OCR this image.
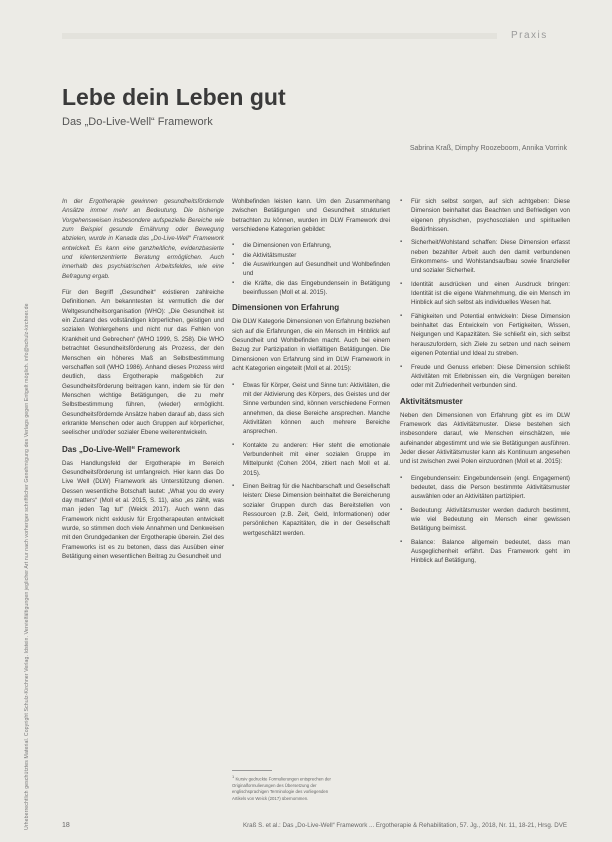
Urheberrechtlich geschütztes Material. Copyright Schulz-Kirchner Verlag. Idstein. Vervielfältigungen jeglicher Art nur nach vorheriger schriftlicher Genehmigung des Verlags gegen Entgelt möglich. info@schulz-kirchner.de
Praxis
Lebe dein Leben gut
Das „Do-Live-Well“ Framework
Sabrina Kraß, Dimphy Roozeboom, Annika Vorrink

In der Ergotherapie gewinnen gesundheitsfördernde Ansätze immer mehr an Bedeutung. Die bisherige Vorgehensweisen insbesondere aufspezielle Bereiche wie zum Beispiel gesunde Ernährung oder Bewegung abzielen, wurde in Kanada das „Do-Live-Well“ Framework entwickelt. Es kann eine ganzheitliche, evidenzbasierte und klientenzentrierte Beratung ermöglichen. Auch innerhalb des psychiatrischen Arbeitsfeldes, wie eine Befragung ergab.

Für den Begriff „Gesundheit“ existieren zahlreiche Definitionen. Am bekanntesten ist vermutlich die der Weltgesundheitsorganisation (WHO): „Die Gesundheit ist ein Zustand des vollständigen körperlichen, geistigen und sozialen Wohlergehens und nicht nur das Fehlen von Krankheit und Gebrechen“ (WHO 1999, S. 258). Die WHO betrachtet Gesundheitsförderung als Prozess, der den Menschen ein höheres Maß an Selbstbestimmung verschaffen soll (WHO 1986). Anhand dieses Prozess wird deutlich, dass Ergotherapie maßgeblich zur Gesundheitsförderung beitragen kann, indem sie für den Menschen wichtige Betätigungen, die zu mehr Selbstbestimmung führen, (wieder) ermöglicht. Gesundheitsfördernde Ansätze haben darauf ab, dass sich erkrankte Menschen oder auch Gruppen auf körperlicher, seelischer und/oder sozialer Ebene weiterentwickeln.

Das „Do-Live-Well“ Framework

Das Handlungsfeld der Ergotherapie im Bereich Gesundheitsförderung ist umfangreich. Hier kann das Do Live Well (DLW) Framework als Unterstützung dienen. Dessen wesentliche Botschaft lautet: „What you do every day matters“ (Moll et al. 2015, S. 11), also „es zählt, was man jeden Tag tut“ (Weick 2017). Auch wenn das Framework nicht exklusiv für Ergotherapeuten entwickelt wurde, so stimmen doch viele Annahmen und Denkweisen mit den Grundgedanken der Ergotherapie überein. Ziel des Frameworks ist es zu betonen, dass das Ausüben einer Betätigung einen wesentlichen Beitrag zu Gesundheit und

Wohlbefinden leisten kann. Um den Zusammenhang zwischen Betätigungen und Gesundheit strukturiert betrachten zu können, wurden im DLW Framework drei verschiedene Kategorien gebildet:

▪ die Dimensionen von Erfahrung,
▪ die Aktivitätsmuster
▪ die Auswirkungen auf Gesundheit und Wohlbefinden und
▪ die Kräfte, die das Eingebundensein in Betätigung beeinflussen (Moll et al. 2015).
Dimensionen von Erfahrung

Die DLW Kategorie Dimensionen von Erfahrung beziehen sich auf die Erfahrungen, die ein Mensch im Hinblick auf Gesundheit und Wohlbefinden macht. Auch bei einem Bezug zur Partizipation in vielfältigen Betätigungen. Die Dimensionen von Erfahrung sind im DLW Framework in acht Kategorien eingeteilt (Moll et al. 2015):

▪ Etwas für Körper, Geist und Sinne tun: Aktivitäten, die mit der Aktivierung des Körpers, des Geistes und der Sinne verbunden sind, können verschiedene Formen annehmen, da diese Bereiche ansprechen. Manche Aktivitäten können auch mehrere Bereiche ansprechen.
▪ Kontakte zu anderen: Hier steht die emotionale Verbundenheit mit einer sozialen Gruppe im Mittelpunkt (Cohen 2004, zitiert nach Moll et al. 2015).
▪ Einen Beitrag für die Nachbarschaft und Gesellschaft leisten: Diese Dimension beinhaltet die Bereicherung sozialer Gruppen durch das Bereitstellen von Ressourcen (z.B. Zeit, Geld, Informationen) oder persönlichen Kapazitäten, die in der Gesellschaft wertgeschätzt werden.
$^1$ Kursiv gedruckte Formulierungen entsprechen der Originalformulierungen des Übersetzung der englischsprachigen Terminologie des vorliegenden Artikels von Weick (2017) übernommen.
▪ Für sich selbst sorgen, auf sich achtgeben: Diese Dimension beinhaltet das Beachten und Befriedigen von eigenen physischen, psychosozialen und spirituellen Bedürfnissen.
▪ Sicherheit/Wohlstand schaffen: Diese Dimension erfasst neben bezahlter Arbeit auch den damit verbundenen Einkommens- und Wohlstandsaufbau sowie finanzieller und sozialer Sicherheit.
▪ Identität ausdrücken und einen Ausdruck bringen: Identität ist die eigene Wahrnehmung, die ein Mensch im Hinblick auf sich selbst als individuelles Wesen hat.
▪ Fähigkeiten und Potential entwickeln: Diese Dimension beinhaltet das Entwickeln von Fertigkeiten, Wissen, Neigungen und Kapazitäten. Sie schließt ein, sich selbst herauszufordern, sich Ziele zu setzen und nach seinem eigenen Potential und Ideal zu streben.
▪ Freude und Genuss erleben: Diese Dimension schließt Aktivitäten mit Erlebnissen ein, die Vergnügen bereiten oder mit Zufriedenheit verbunden sind.
Aktivitätsmuster

Neben den Dimensionen von Erfahrung gibt es im DLW Framework das Aktivitätsmuster. Diese bestehen sich insbesondere darauf, wie Menschen einschätzen, wie aufeinander abgestimmt und wie sie Betätigungen ausführen. Jeder dieser Aktivitätsmuster kann als Kontinuum angesehen und ist zwischen zwei Polen einzuordnen (Moll et al. 2015):

▪ Eingebundensein: Eingebundensein (engl. Engagement) bedeutet, dass die Person bestimmte Aktivitätsmuster auswählen oder an Aktivitäten partizipiert.
▪ Bedeutung: Aktivitätsmuster werden dadurch bestimmt, wie viel Bedeutung ein Mensch einer gewissen Betätigung beimisst.
▪ Balance: Balance allgemein bedeutet, dass man Ausgeglichenheit erfährt. Das Framework geht im Hinblick auf Betätigung,
18	Kraß S. et al.: Das „Do-Live-Well“ Framework ... Ergotherapie & Rehabilitation, 57. Jg., 2018, Nr. 11, 18-21, Hrsg. DVE
